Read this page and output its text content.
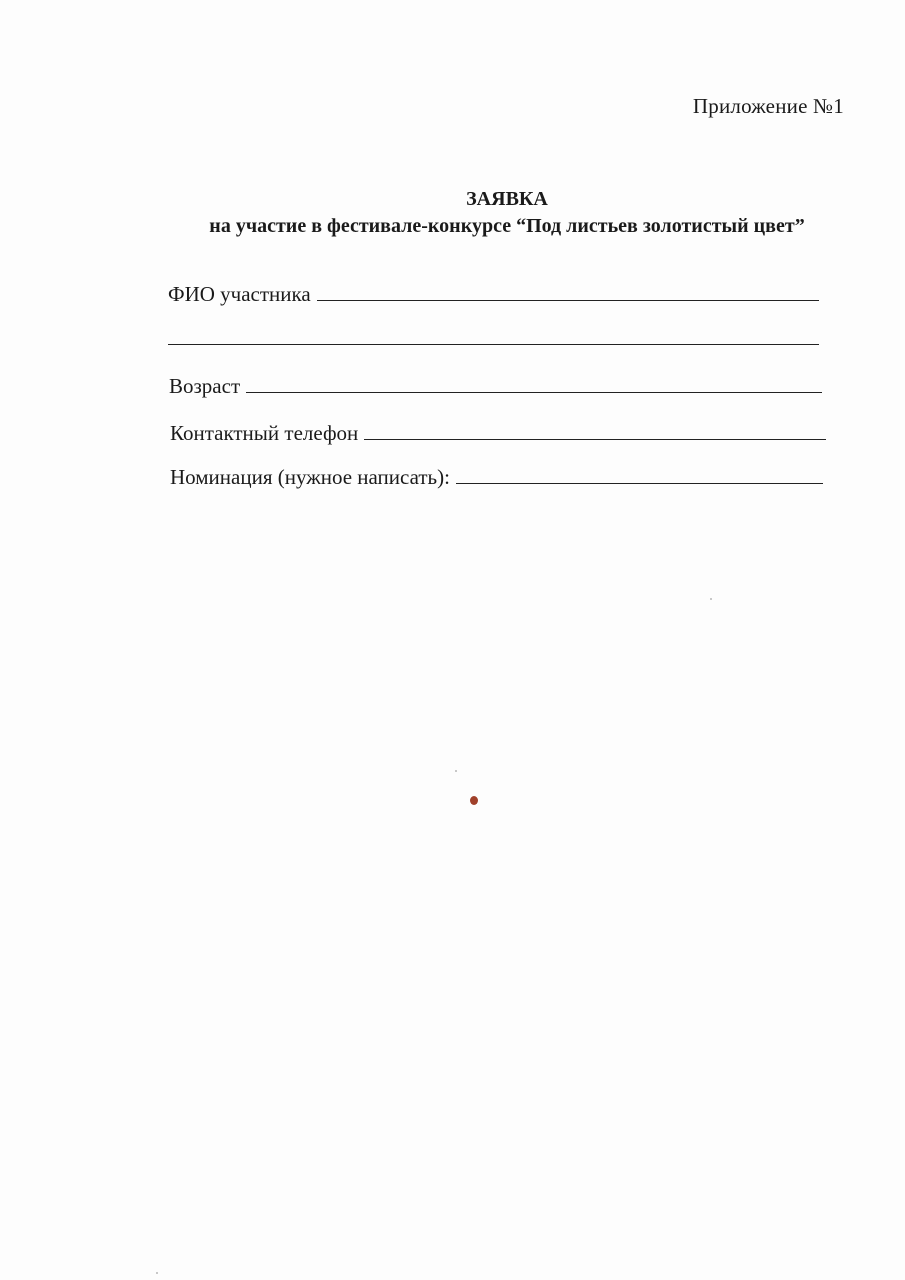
Приложение №1
ЗАЯВКА
на участие в фестивале-конкурсе “Под листьев золотистый цвет”
ФИО участника
Возраст
Контактный телефон
Номинация (нужное написать):
